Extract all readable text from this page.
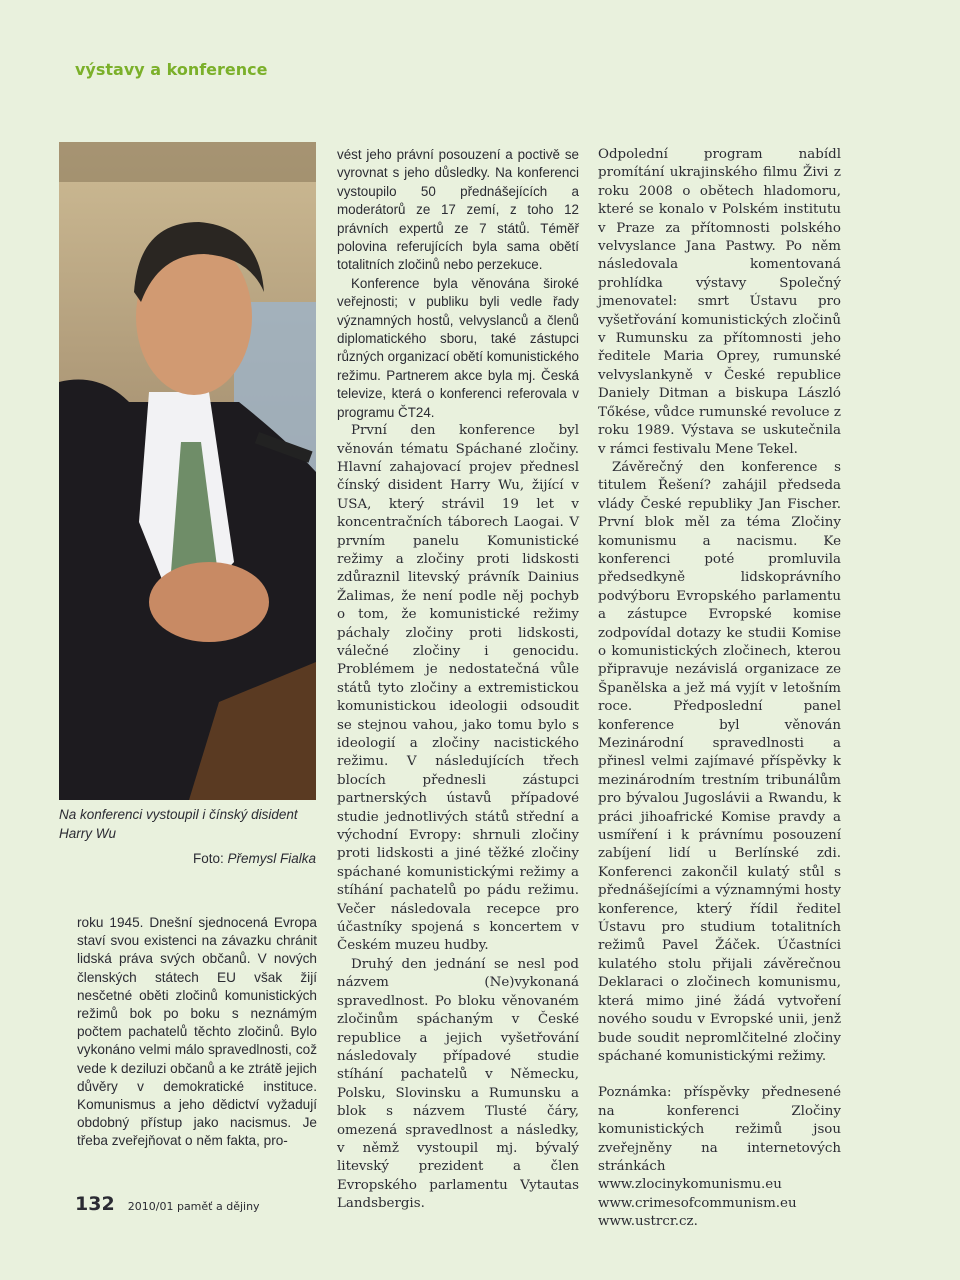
výstavy a konference
Na konferenci vystoupil i čínský disident Harry Wu
Foto: Přemysl Fialka

roku 1945. Dnešní sjednocená Evropa staví svou existenci na závazku chránit lidská práva svých občanů. V nových členských státech EU však žijí nesčetné oběti zločinů komunistických režimů bok po boku s neznámým počtem pachatelů těchto zločinů. Bylo vykonáno velmi málo spravedlnosti, což vede k deziluzi občanů a ke ztrátě jejich důvěry v demokratické instituce. Komunismus a jeho dědictví vyžadují obdobný přístup jako nacismus. Je třeba zveřejňovat o něm fakta, pro-

vést jeho právní posouzení a poctivě se vyrovnat s jeho důsledky. Na konferenci vystoupilo 50 přednášejících a moderátorů ze 17 zemí, z toho 12 právních expertů ze 7 států. Téměř polovina referujících byla sama obětí totalitních zločinů nebo perzekuce.

Konference byla věnována široké veřejnosti; v publiku byli vedle řady významných hostů, velvyslanců a členů diplomatického sboru, také zástupci různých organizací obětí komunistického režimu. Partnerem akce byla mj. Česká televize, která o konferenci referovala v programu ČT24.

První den konference byl věnován tématu Spáchané zločiny. Hlavní zahajovací projev přednesl čínský disident Harry Wu, žijící v USA, který strávil 19 let v koncentračních táborech Laogai. V prvním panelu Komunistické režimy a zločiny proti lidskosti zdůraznil litevský právník Dainius Žalimas, že není podle něj pochyb o tom, že komunistické režimy páchaly zločiny proti lidskosti, válečné zločiny i genocidu. Problémem je nedostatečná vůle států tyto zločiny a extremistickou komunistickou ideologii odsoudit se stejnou vahou, jako tomu bylo s ideologií a zločiny nacistického režimu. V následujících třech blocích přednesli zástupci partnerských ústavů případové studie jednotlivých států střední a východní Evropy: shrnuli zločiny proti lidskosti a jiné těžké zločiny spáchané komunistickými režimy a stíhání pachatelů po pádu režimu. Večer následovala recepce pro účastníky spojená s koncertem v Českém muzeu hudby.

Druhý den jednání se nesl pod názvem (Ne)vykonaná spravedlnost. Po bloku věnovaném zločinům spáchaným v České republice a jejich vyšetřování následovaly případové studie stíhání pachatelů v Německu, Polsku, Slovinsku a Rumunsku a blok s názvem Tlusté čáry, omezená spravedlnost a následky, v němž vystoupil mj. bývalý litevský prezident a člen Evropského parlamentu Vytautas Landsbergis.

Odpolední program nabídl promítání ukrajinského filmu Živi z roku 2008 o obětech hladomoru, které se konalo v Polském institutu v Praze za přítomnosti polského velvyslance Jana Pastwy. Po něm následovala komentovaná prohlídka výstavy Společný jmenovatel: smrt Ústavu pro vyšetřování komunistických zločinů v Rumunsku za přítomnosti jeho ředitele Maria Oprey, rumunské velvyslankyně v České republice Daniely Ditman a biskupa László Tőkése, vůdce rumunské revoluce z roku 1989. Výstava se uskutečnila v rámci festivalu Mene Tekel.

Závěrečný den konference s titulem Řešení? zahájil předseda vlády České republiky Jan Fischer. První blok měl za téma Zločiny komunismu a nacismu. Ke konferenci poté promluvila předsedkyně lidskoprávního podvýboru Evropského parlamentu a zástupce Evropské komise zodpovídal dotazy ke studii Komise o komunistických zločinech, kterou připravuje nezávislá organizace ze Španělska a jež má vyjít v letošním roce. Předposlední panel konference byl věnován Mezinárodní spravedlnosti a přinesl velmi zajímavé příspěvky k mezinárodním trestním tribunálům pro bývalou Jugoslávii a Rwandu, k práci jihoafrické Komise pravdy a usmíření i k právnímu posouzení zabíjení lidí u Berlínské zdi. Konferenci zakončil kulatý stůl s přednášejícími a významnými hosty konference, který řídil ředitel Ústavu pro studium totalitních režimů Pavel Žáček. Účastníci kulatého stolu přijali závěrečnou Deklaraci o zločinech komunismu, která mimo jiné žádá vytvoření nového soudu v Evropské unii, jenž bude soudit nepromlčitelné zločiny spáchané komunistickými režimy.

Poznámka: příspěvky přednesené na konferenci Zločiny komunistických režimů jsou zveřejněny na internetových stránkách

www.zlocinykomunismu.eu
www.crimesofcommunism.eu
www.ustrcr.cz.

132 2010/01 paměť a dějiny
